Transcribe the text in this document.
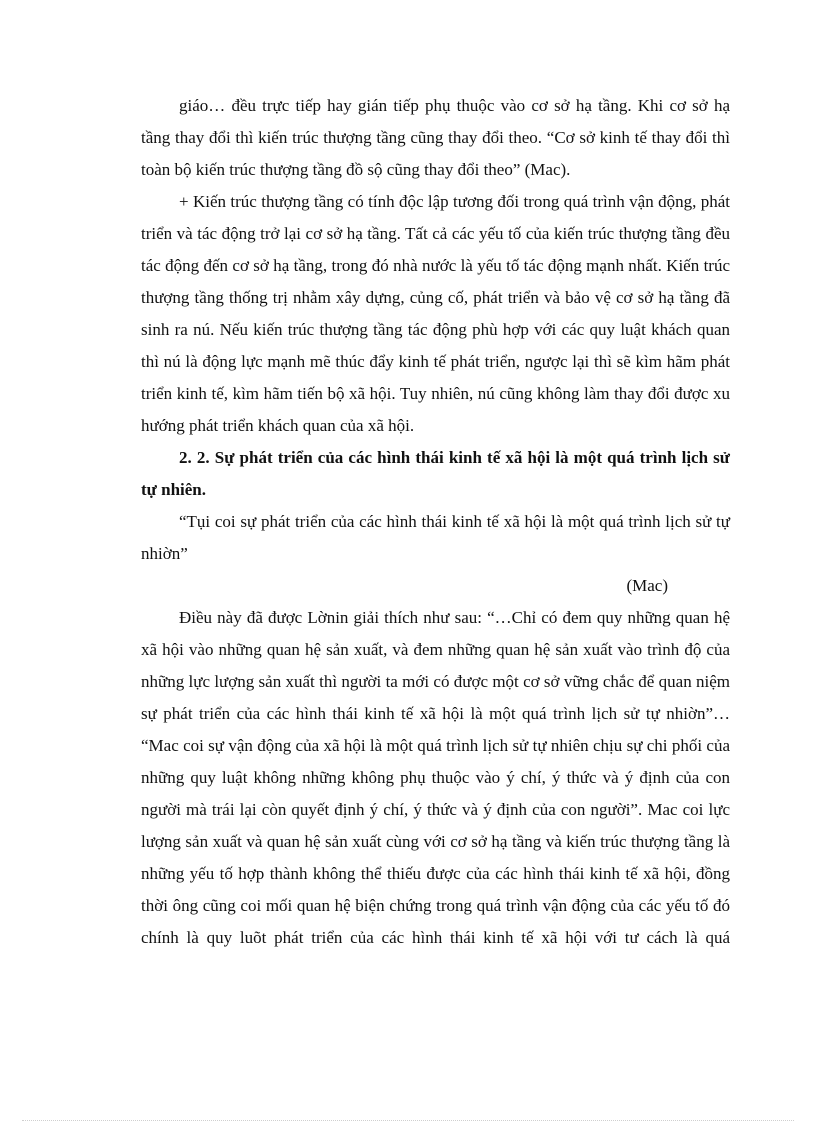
giáo… đều trực tiếp hay gián tiếp phụ thuộc vào cơ sở hạ tầng. Khi cơ sở hạ tầng thay đổi thì kiến trúc thượng tầng cũng thay đổi theo. “Cơ sở kinh tế thay đổi thì toàn bộ kiến trúc thượng tầng đồ sộ cũng thay đổi theo” (Mac).

+ Kiến trúc thượng tầng có tính độc lập tương đối trong quá trình vận động, phát triển và tác động trở lại cơ sở hạ tầng. Tất cả các yếu tố của kiến trúc thượng tầng đều tác động đến cơ sở hạ tầng, trong đó nhà nước là yếu tố tác động mạnh nhất. Kiến trúc thượng tầng thống trị nhằm xây dựng, củng cố, phát triển và bảo vệ cơ sở hạ tầng đã sinh ra nú. Nếu kiến trúc thượng tầng tác động phù hợp với các quy luật khách quan thì nú là động lực mạnh mẽ thúc đẩy kinh tế phát triển, ngược lại thì sẽ kìm hãm phát triển kinh tế, kìm hãm tiến bộ xã hội. Tuy nhiên, nú cũng không làm thay đổi được xu hướng phát triển khách quan của xã hội.

2. 2. Sự phát triển của các hình thái kinh tế xã hội là một quá trình lịch sử tự nhiên.

“Tụi coi sự phát triển của các hình thái kinh tế xã hội là một quá trình lịch sử tự nhiờn”

(Mac)

Điều này đã được Lờnin giải thích như sau: “…Chỉ có đem quy những quan hệ xã hội vào những quan hệ sản xuất, và đem những quan hệ sản xuất vào trình độ của những lực lượng sản xuất thì người ta mới có được một cơ sở vững chắc để quan niệm sự phát triển của các hình thái kinh tế xã hội là một quá trình lịch sử tự nhiờn”… “Mac coi sự vận động của xã hội là một quá trình lịch sử tự nhiên chịu sự chi phối của những quy luật không những không phụ thuộc vào ý chí, ý thức và ý định của con người mà trái lại còn quyết định ý chí, ý thức và ý định của con người”. Mac coi lực lượng sản xuất và quan hệ sản xuất cùng với cơ sở hạ tầng và kiến trúc thượng tầng là những yếu tố hợp thành không thể thiếu được của các hình thái kinh tế xã hội, đồng thời ông cũng coi mối quan hệ biện chứng trong quá trình vận động của các yếu tố đó chính là quy luõt phát triển của các hình thái kinh tế xã hội với tư cách là quá
